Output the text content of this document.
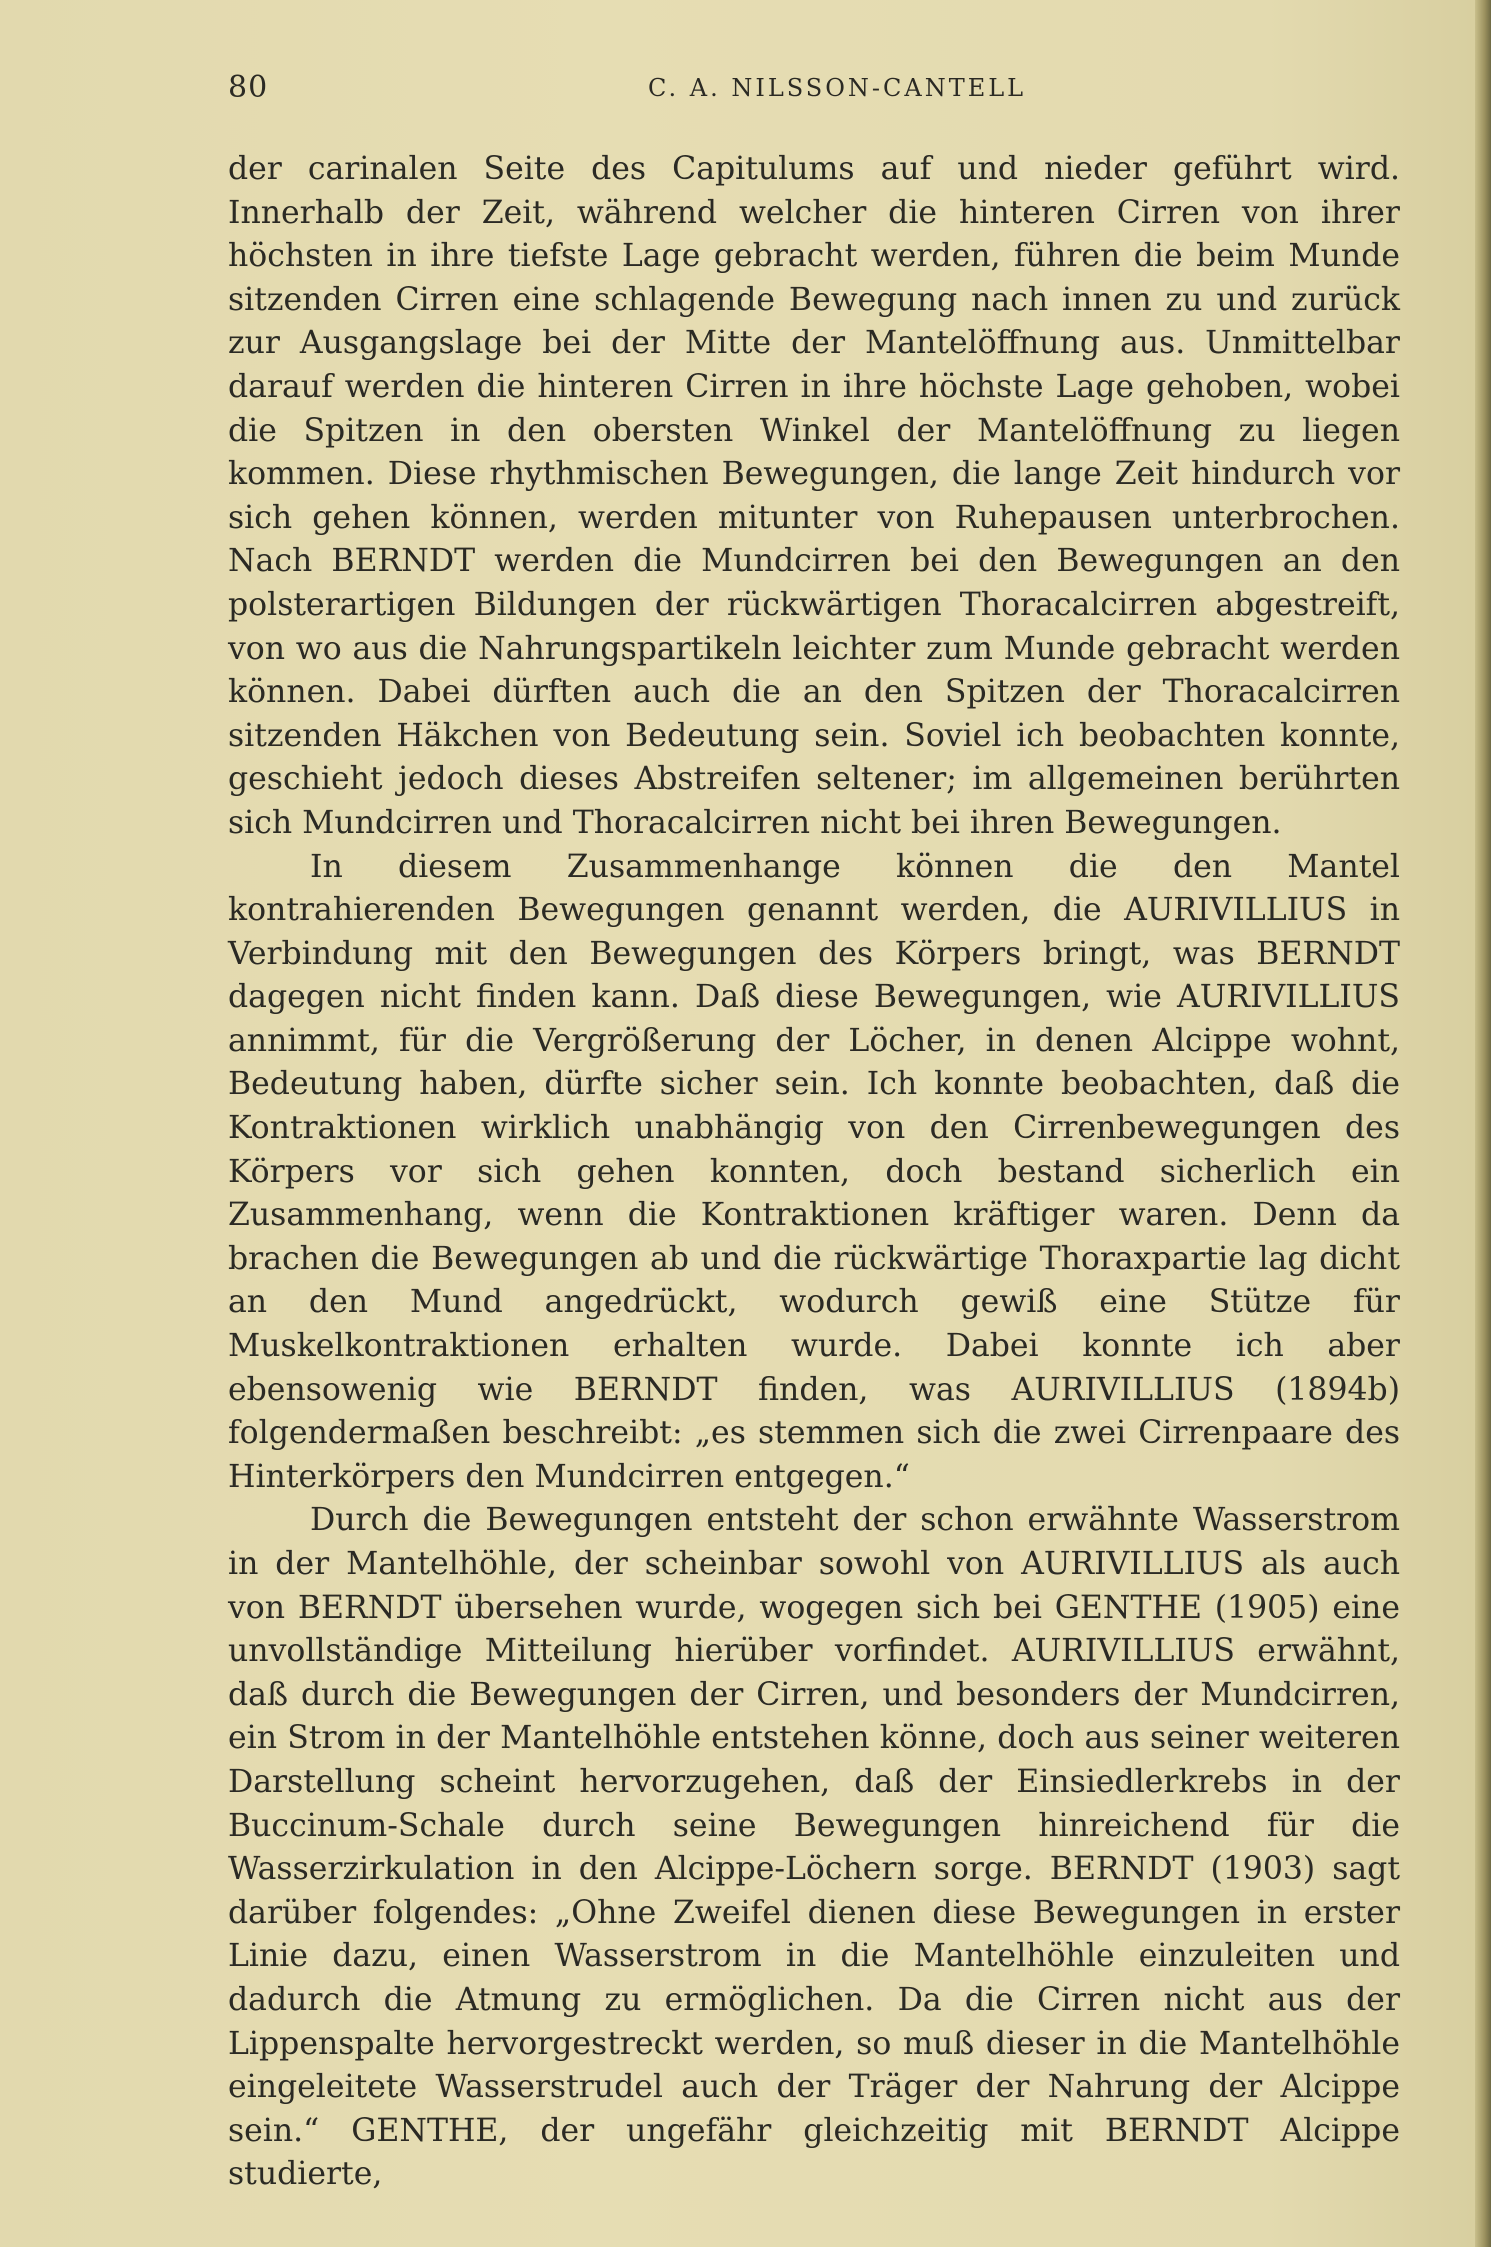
80	C. A. NILSSON-CANTELL

der carinalen Seite des Capitulums auf und nieder geführt wird. Innerhalb der Zeit, während welcher die hinteren Cirren von ihrer höchsten in ihre tiefste Lage gebracht werden, führen die beim Munde sitzenden Cirren eine schlagende Bewegung nach innen zu und zurück zur Ausgangslage bei der Mitte der Mantelöffnung aus. Unmittelbar darauf werden die hinteren Cirren in ihre höchste Lage gehoben, wobei die Spitzen in den obersten Winkel der Mantelöffnung zu liegen kommen. Diese rhythmischen Bewegungen, die lange Zeit hindurch vor sich gehen können, werden mitunter von Ruhepausen unterbrochen. Nach BERNDT werden die Mundcirren bei den Bewegungen an den polsterartigen Bildungen der rückwärtigen Thoracalcirren abgestreift, von wo aus die Nahrungspartikeln leichter zum Munde gebracht werden können. Dabei dürften auch die an den Spitzen der Thoracalcirren sitzenden Häkchen von Bedeutung sein. Soviel ich beobachten konnte, geschieht jedoch dieses Abstreifen seltener; im allgemeinen berührten sich Mundcirren und Thoracalcirren nicht bei ihren Bewegungen.

In diesem Zusammenhange können die den Mantel kontrahierenden Bewegungen genannt werden, die AURIVILLIUS in Verbindung mit den Bewegungen des Körpers bringt, was BERNDT dagegen nicht finden kann. Daß diese Bewegungen, wie AURIVILLIUS annimmt, für die Vergrößerung der Löcher, in denen Alcippe wohnt, Bedeutung haben, dürfte sicher sein. Ich konnte beobachten, daß die Kontraktionen wirklich unabhängig von den Cirrenbewegungen des Körpers vor sich gehen konnten, doch bestand sicherlich ein Zusammenhang, wenn die Kontraktionen kräftiger waren. Denn da brachen die Bewegungen ab und die rückwärtige Thoraxpartie lag dicht an den Mund angedrückt, wodurch gewiß eine Stütze für Muskelkontraktionen erhalten wurde. Dabei konnte ich aber ebensowenig wie BERNDT finden, was AURIVILLIUS (1894b) folgendermaßen beschreibt: „es stemmen sich die zwei Cirrenpaare des Hinterkörpers den Mundcirren entgegen.“

Durch die Bewegungen entsteht der schon erwähnte Wasserstrom in der Mantelhöhle, der scheinbar sowohl von AURIVILLIUS als auch von BERNDT übersehen wurde, wogegen sich bei GENTHE (1905) eine unvollständige Mitteilung hierüber vorfindet. AURIVILLIUS erwähnt, daß durch die Bewegungen der Cirren, und besonders der Mundcirren, ein Strom in der Mantelhöhle entstehen könne, doch aus seiner weiteren Darstellung scheint hervorzugehen, daß der Einsiedlerkrebs in der Buccinum-Schale durch seine Bewegungen hinreichend für die Wasserzirkulation in den Alcippe-Löchern sorge. BERNDT (1903) sagt darüber folgendes: „Ohne Zweifel dienen diese Bewegungen in erster Linie dazu, einen Wasserstrom in die Mantelhöhle einzuleiten und dadurch die Atmung zu ermöglichen. Da die Cirren nicht aus der Lippenspalte hervorgestreckt werden, so muß dieser in die Mantelhöhle eingeleitete Wasserstrudel auch der Träger der Nahrung der Alcippe sein.“ GENTHE, der ungefähr gleichzeitig mit BERNDT Alcippe studierte,
